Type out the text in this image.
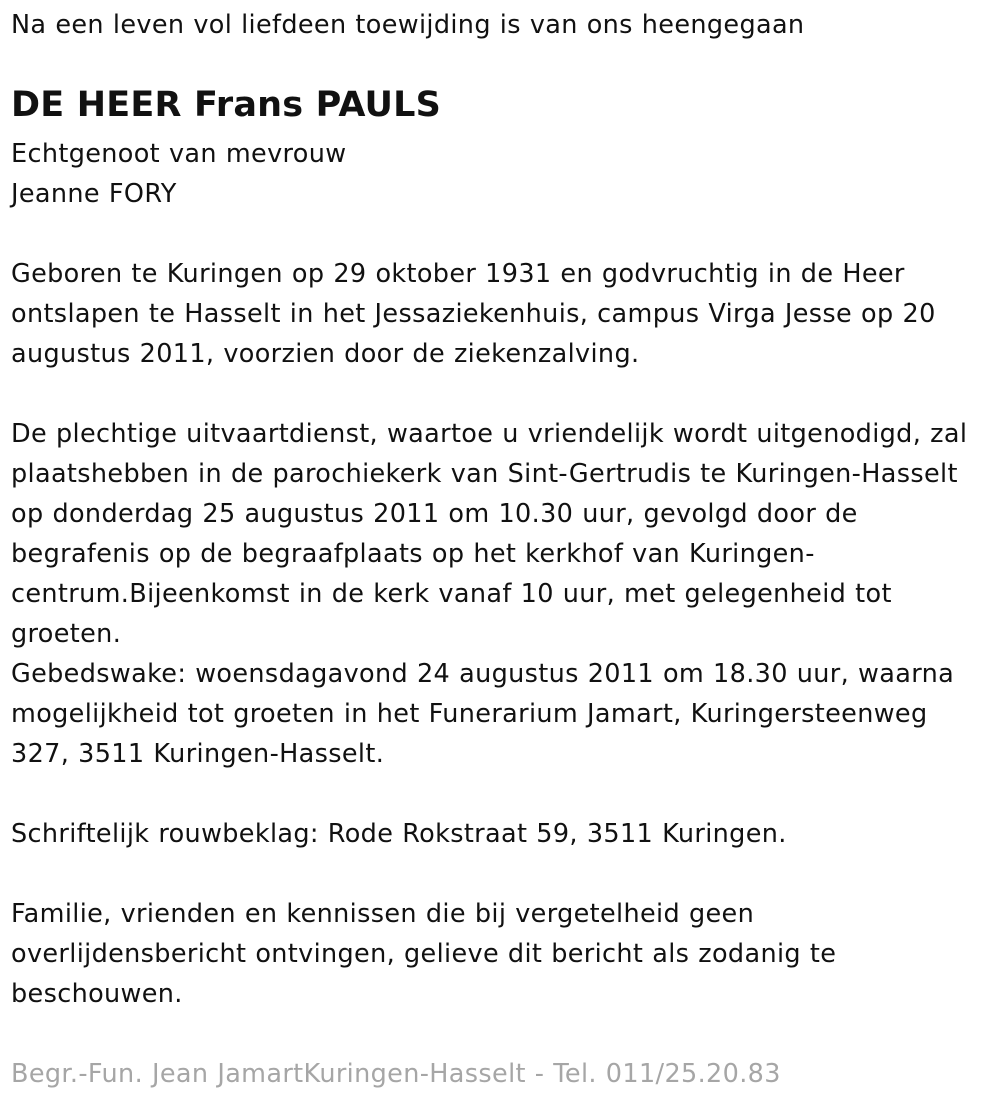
Na een leven vol liefdeen toewijding is van ons heengegaan
DE HEER Frans PAULS
Echtgenoot van mevrouw
Jeanne FORY
Geboren te Kuringen op 29 oktober 1931 en godvruchtig in de Heer
ontslapen te Hasselt in het Jessaziekenhuis, campus Virga Jesse op 20
augustus 2011, voorzien door de ziekenzalving.
De plechtige uitvaartdienst, waartoe u vriendelijk wordt uitgenodigd, zal
plaatshebben in de parochiekerk van Sint-Gertrudis te Kuringen-Hasselt
op donderdag 25 augustus 2011 om 10.30 uur, gevolgd door de
begrafenis op de begraafplaats op het kerkhof van Kuringen-
centrum.Bijeenkomst in de kerk vanaf 10 uur, met gelegenheid tot
groeten.
Gebedswake: woensdagavond 24 augustus 2011 om 18.30 uur, waarna
mogelijkheid tot groeten in het Funerarium Jamart, Kuringersteenweg
327, 3511 Kuringen-Hasselt.
Schriftelijk rouwbeklag: Rode Rokstraat 59, 3511 Kuringen.
Familie, vrienden en kennissen die bij vergetelheid geen
overlijdensbericht ontvingen, gelieve dit bericht als zodanig te
beschouwen.
Begr.-Fun. Jean JamartKuringen-Hasselt - Tel. 011/25.20.83
